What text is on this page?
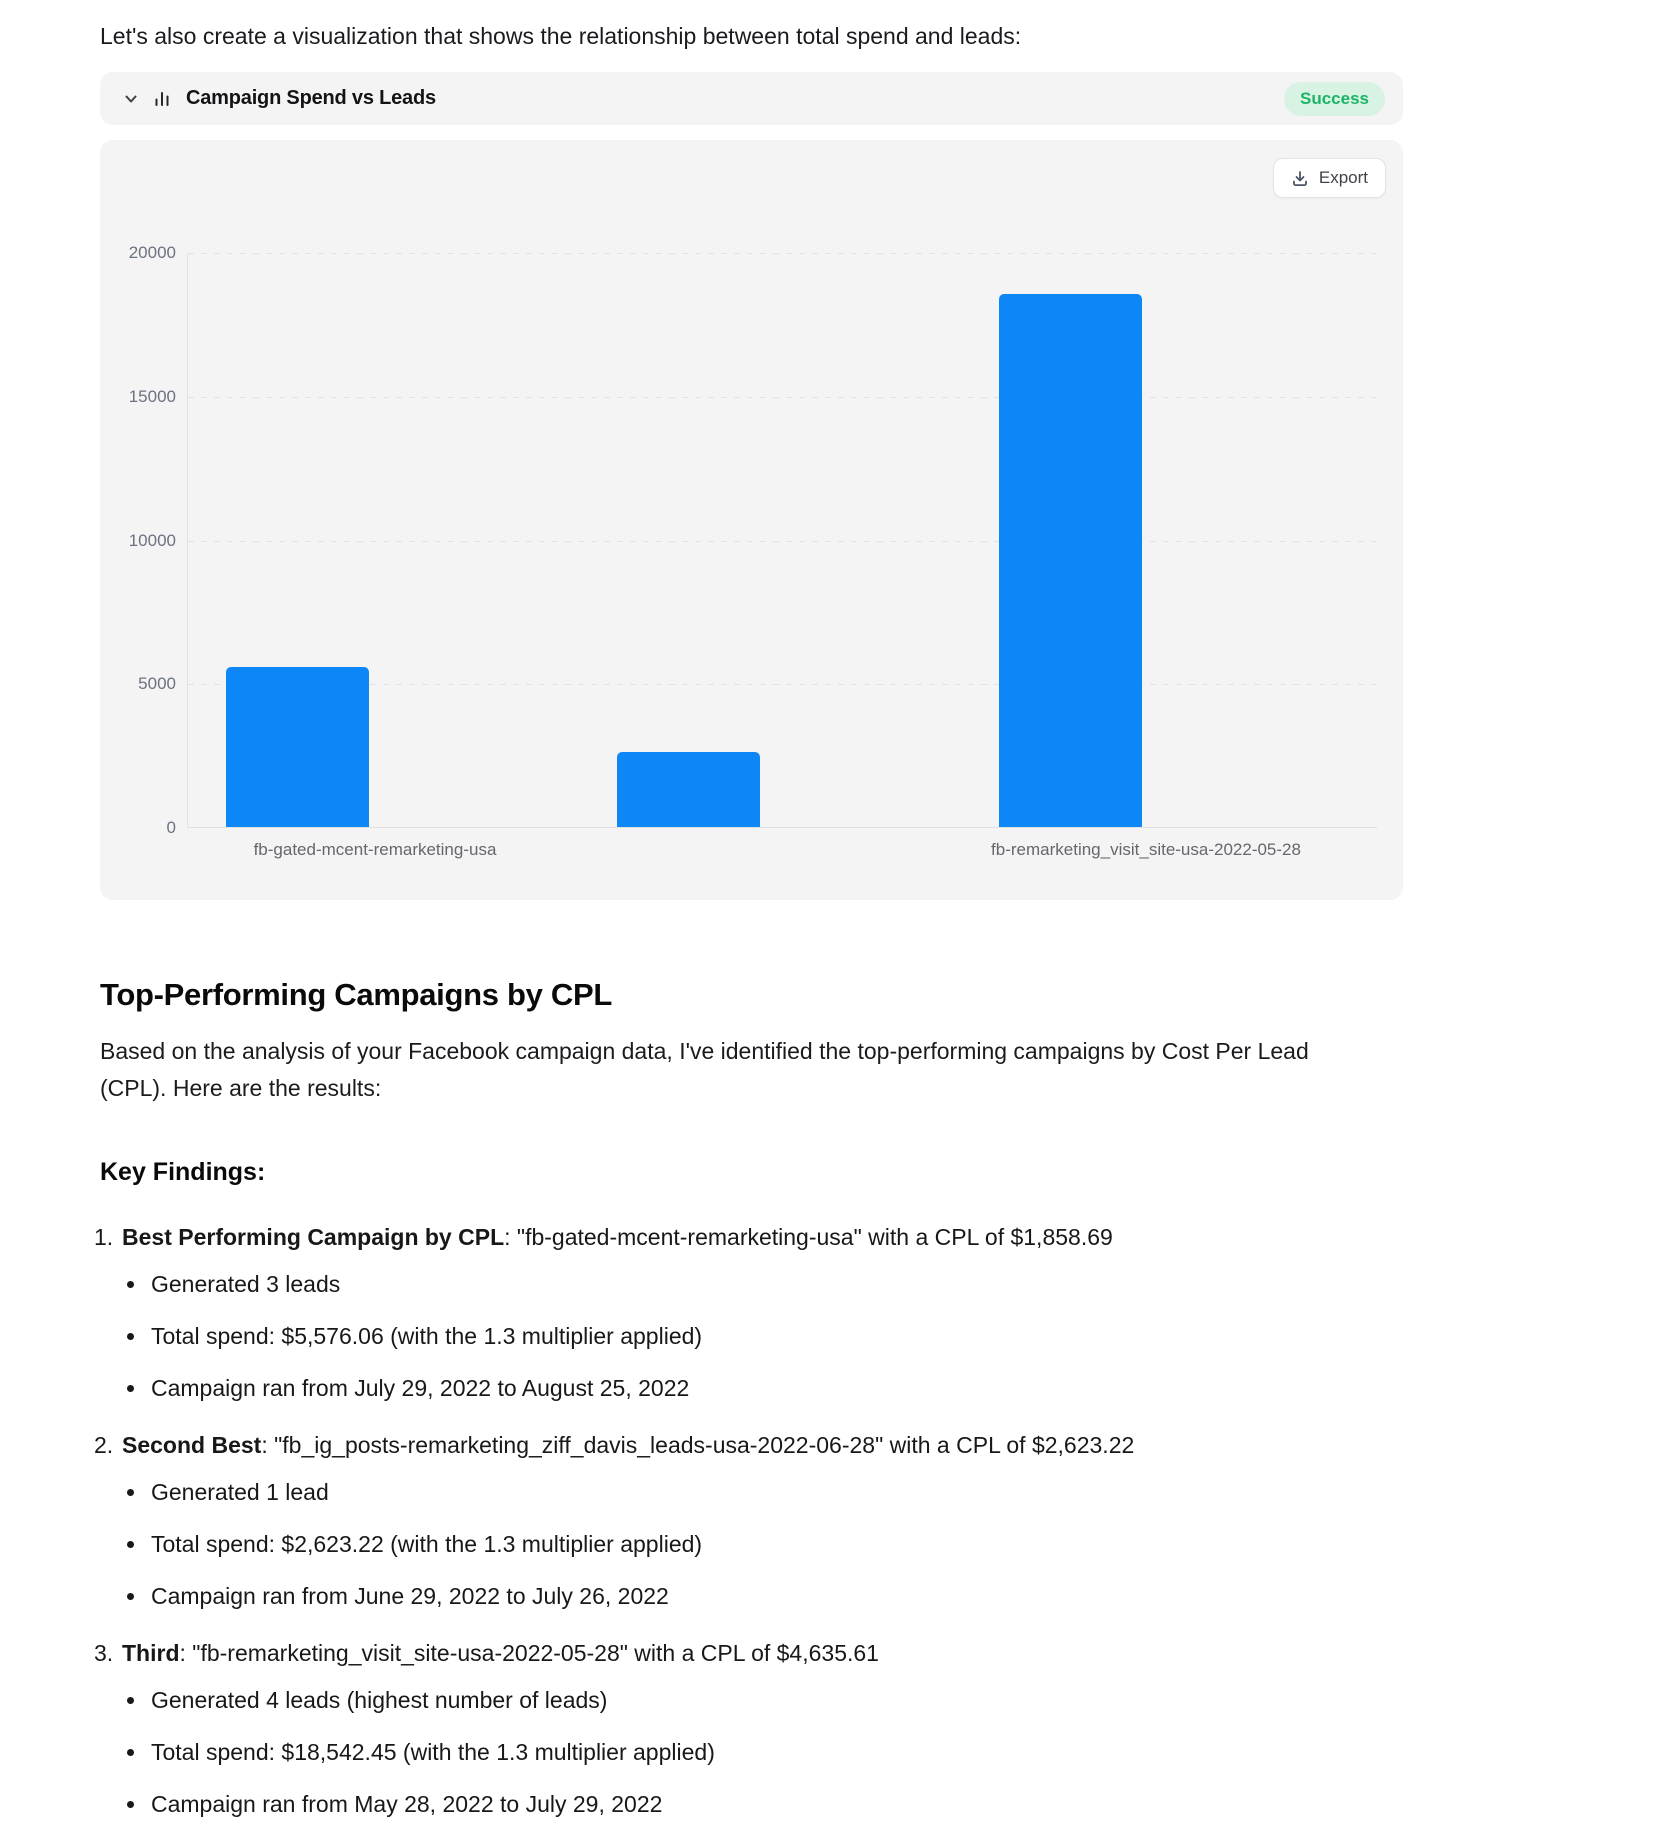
Let's also create a visualization that shows the relationship between total spend and leads:

Campaign Spend vs Leads	Success
Export
20000
15000
10000
5000
0
fb-gated-mcent-remarketing-usa	fb-remarketing_visit_site-usa-2022-05-28
Top-Performing Campaigns by CPL

Based on the analysis of your Facebook campaign data, I've identified the top-performing campaigns by Cost Per Lead (CPL). Here are the results:

Key Findings:
1. Best Performing Campaign by CPL: "fb-gated-mcent-remarketing-usa" with a CPL of $1,858.69
Generated 3 leads
Total spend: $5,576.06 (with the 1.3 multiplier applied)
Campaign ran from July 29, 2022 to August 25, 2022
2. Second Best: "fb_ig_posts-remarketing_ziff_davis_leads-usa-2022-06-28" with a CPL of $2,623.22
Generated 1 lead
Total spend: $2,623.22 (with the 1.3 multiplier applied)
Campaign ran from June 29, 2022 to July 26, 2022
3. Third: "fb-remarketing_visit_site-usa-2022-05-28" with a CPL of $4,635.61
Generated 4 leads (highest number of leads)
Total spend: $18,542.45 (with the 1.3 multiplier applied)
Campaign ran from May 28, 2022 to July 29, 2022
